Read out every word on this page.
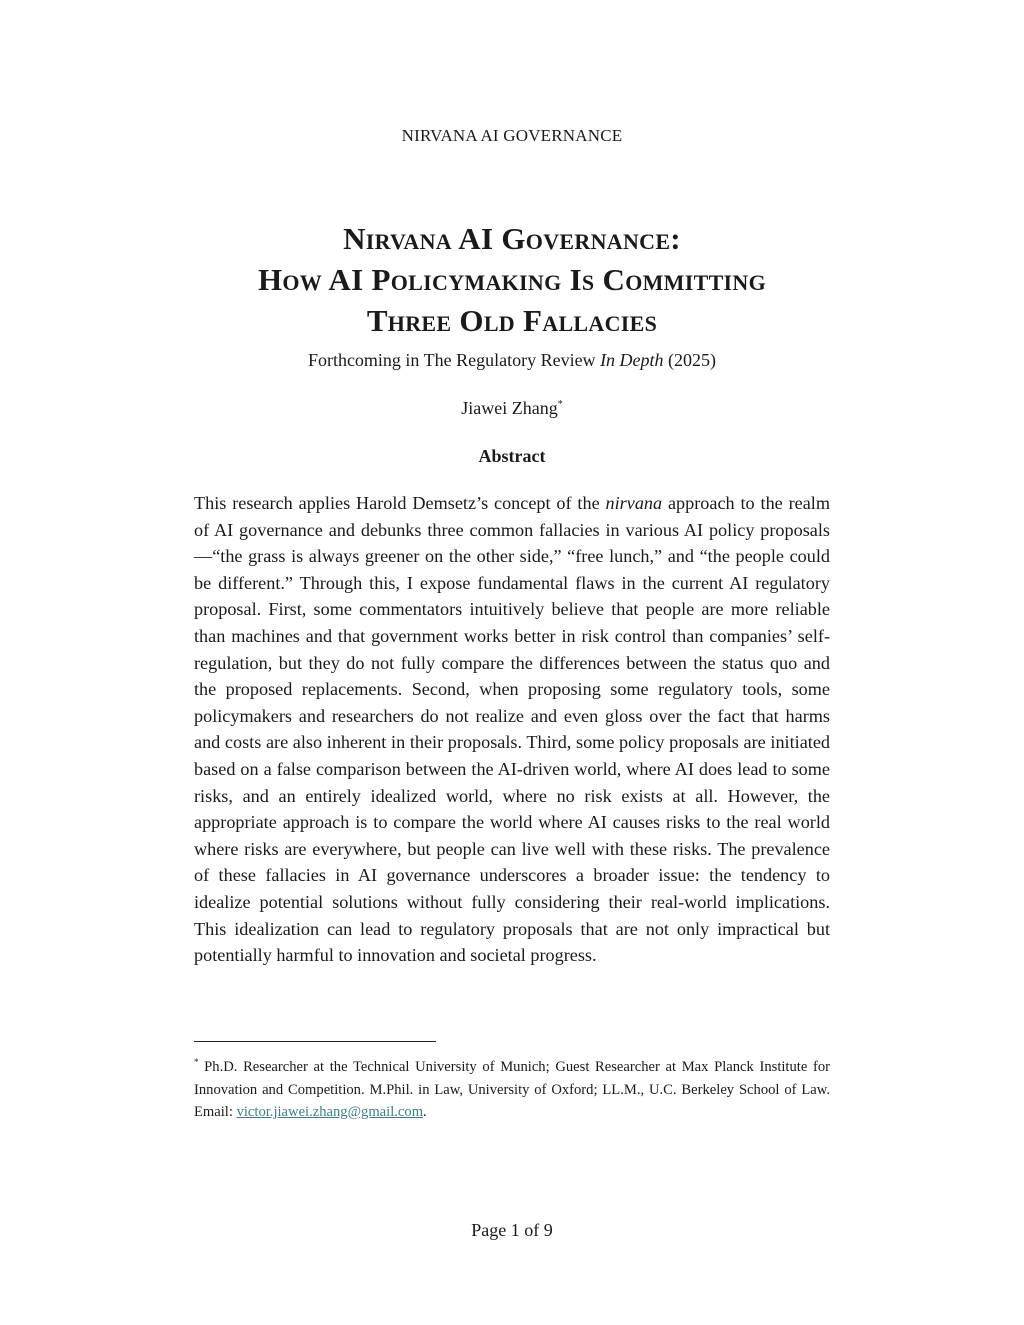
NIRVANA AI GOVERNANCE
Nirvana AI Governance:
How AI Policymaking Is Committing
Three Old Fallacies
Forthcoming in The Regulatory Review In Depth (2025)
Jiawei Zhang*
Abstract
This research applies Harold Demsetz’s concept of the nirvana approach to the realm of AI governance and debunks three common fallacies in various AI policy proposals—“the grass is always greener on the other side,” “free lunch,” and “the people could be different.” Through this, I expose fundamental flaws in the current AI regulatory proposal. First, some commentators intuitively believe that people are more reliable than machines and that government works better in risk control than companies’ self-regulation, but they do not fully compare the differences between the status quo and the proposed replacements. Second, when proposing some regulatory tools, some policymakers and researchers do not realize and even gloss over the fact that harms and costs are also inherent in their proposals. Third, some policy proposals are initiated based on a false comparison between the AI-driven world, where AI does lead to some risks, and an entirely idealized world, where no risk exists at all. However, the appropriate approach is to compare the world where AI causes risks to the real world where risks are everywhere, but people can live well with these risks. The prevalence of these fallacies in AI governance underscores a broader issue: the tendency to idealize potential solutions without fully considering their real-world implications. This idealization can lead to regulatory proposals that are not only impractical but potentially harmful to innovation and societal progress.
* Ph.D. Researcher at the Technical University of Munich; Guest Researcher at Max Planck Institute for Innovation and Competition. M.Phil. in Law, University of Oxford; LL.M., U.C. Berkeley School of Law. Email: victor.jiawei.zhang@gmail.com.
Page 1 of 9
